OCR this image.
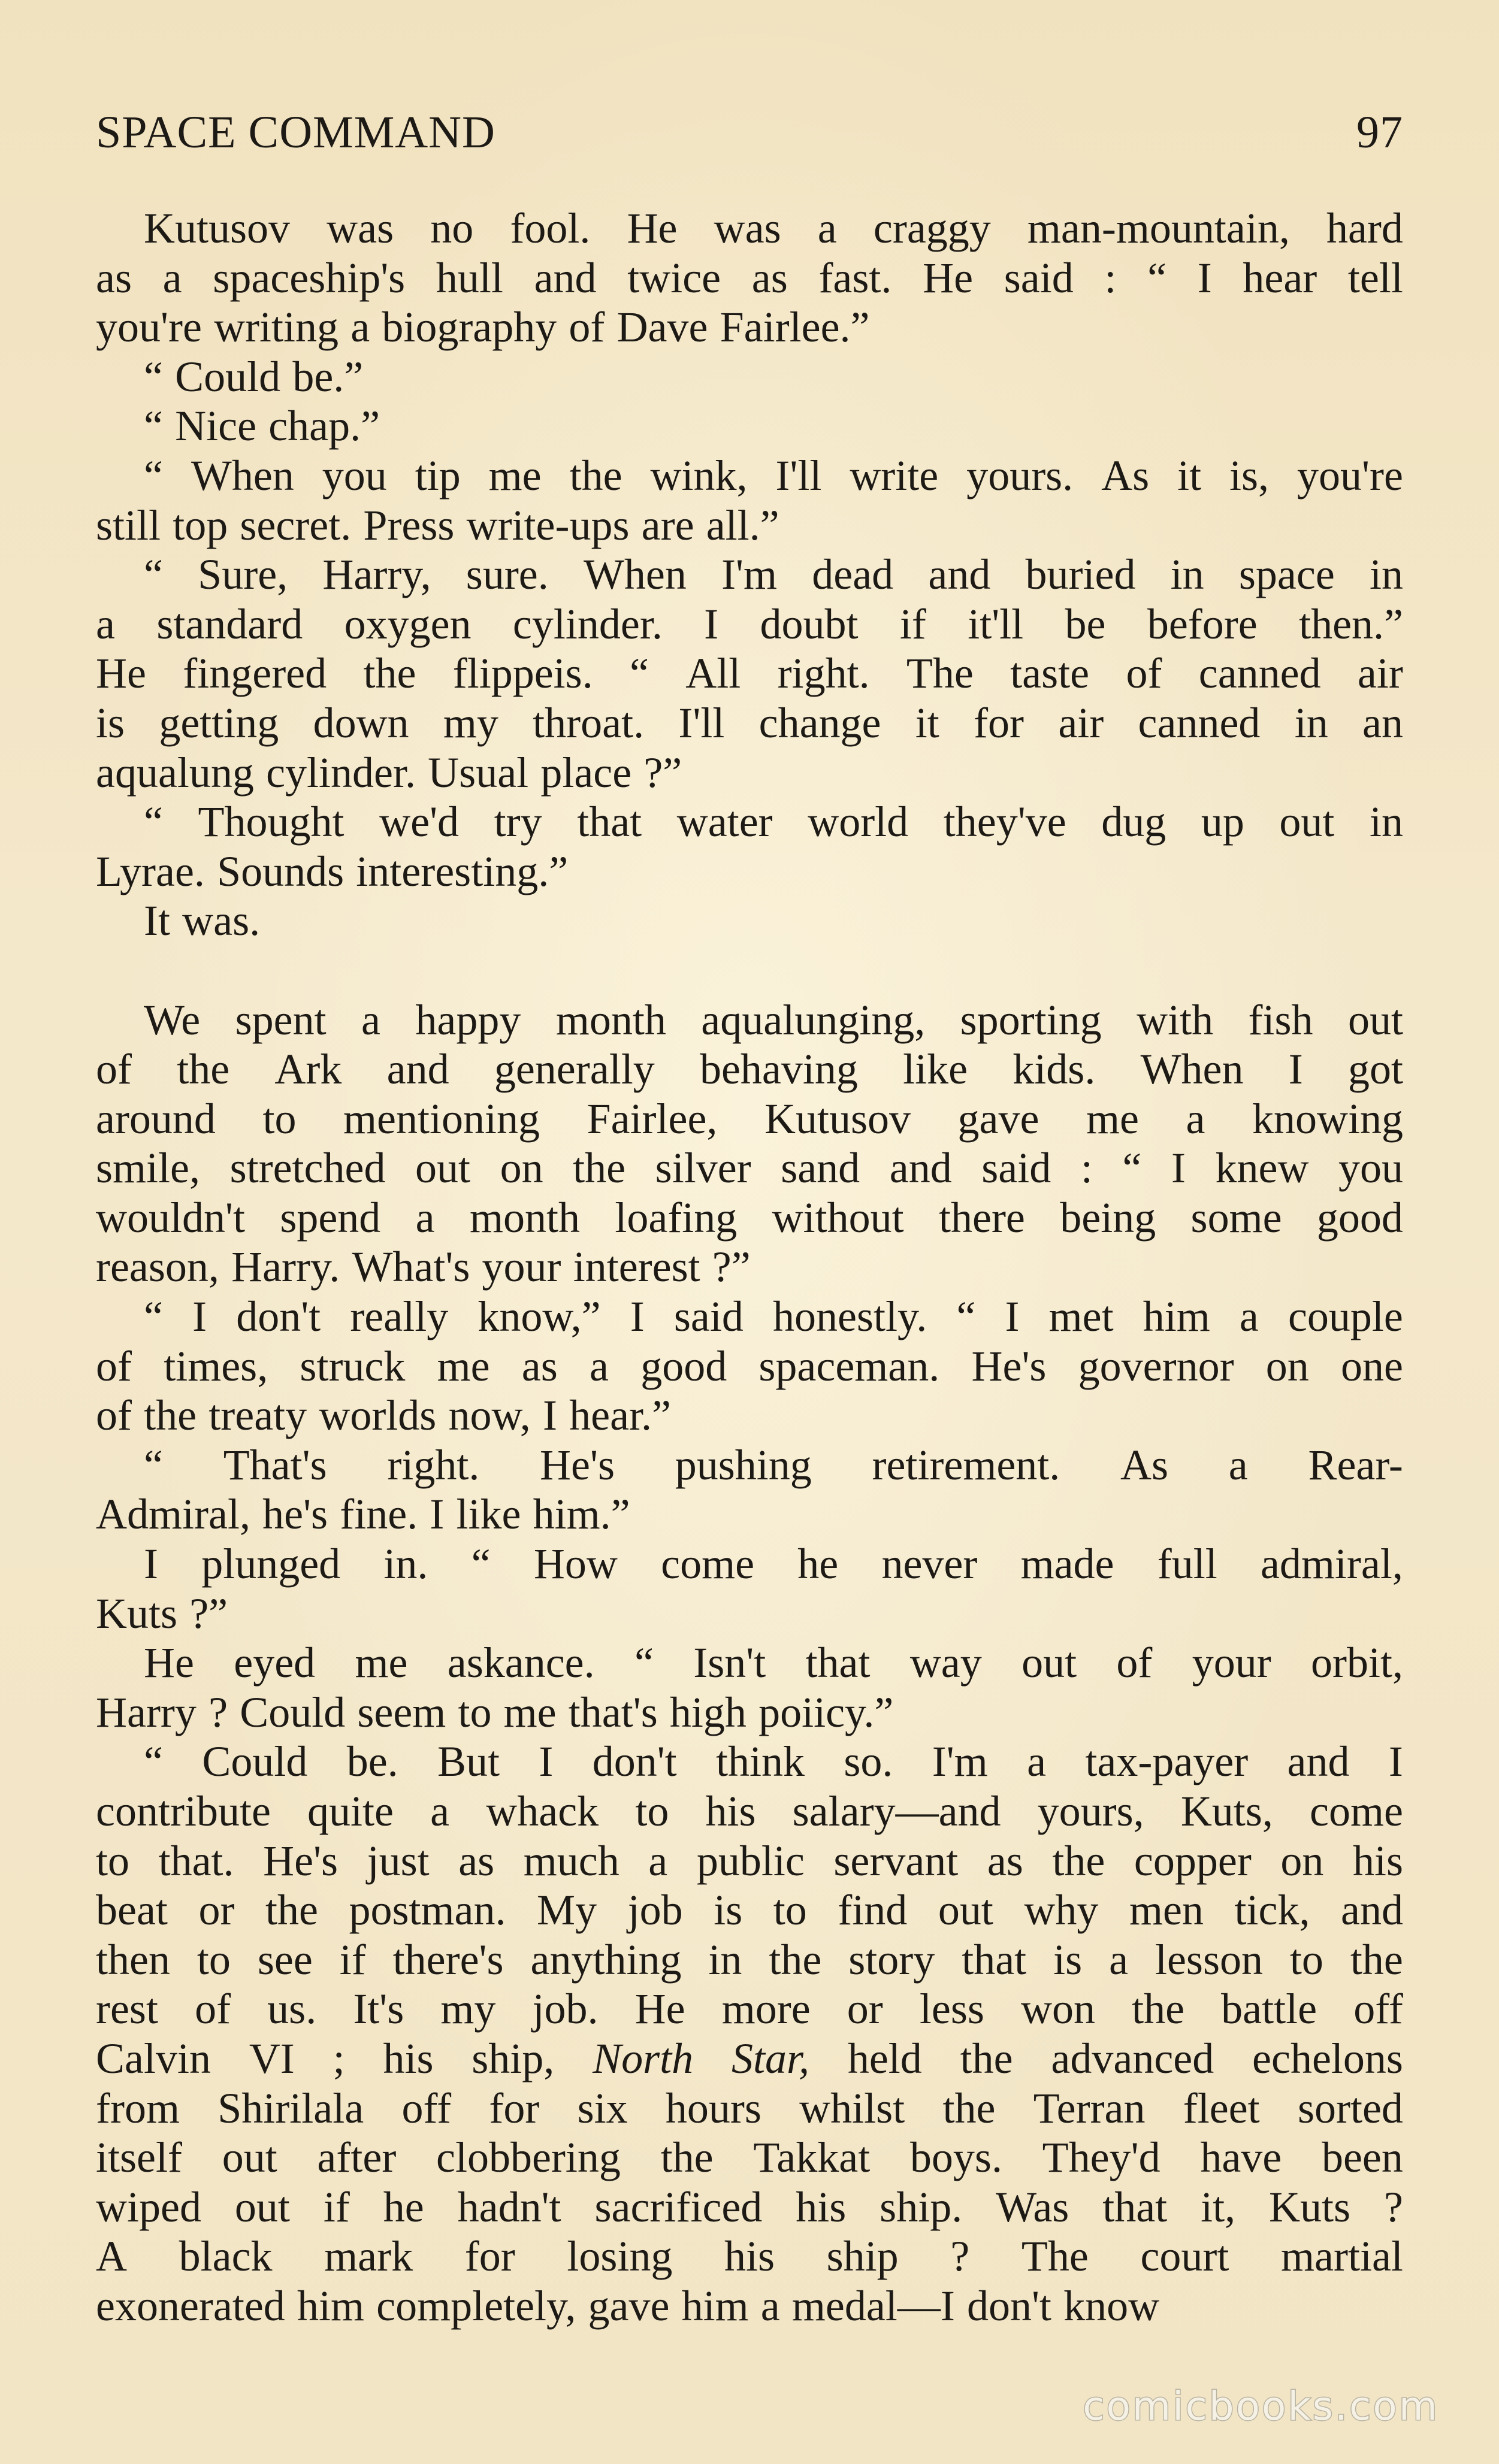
SPACE COMMAND	97
Kutusov was no fool. He was a craggy man-mountain, hard
as a spaceship's hull and twice as fast. He said : “ I hear tell
you're writing a biography of Dave Fairlee.”
“ Could be.”
“ Nice chap.”
“ When you tip me the wink, I'll write yours. As it is, you're
still top secret. Press write-ups are all.”
“ Sure, Harry, sure. When I'm dead and buried in space in
a standard oxygen cylinder. I doubt if it'll be before then.”
He fingered the flippeis. “ All right. The taste of canned air
is getting down my throat. I'll change it for air canned in an
aqualung cylinder. Usual place ?”
“ Thought we'd try that water world they've dug up out in
Lyrae. Sounds interesting.”
It was.
We spent a happy month aqualunging, sporting with fish out
of the Ark and generally behaving like kids. When I got
around to mentioning Fairlee, Kutusov gave me a knowing
smile, stretched out on the silver sand and said : “ I knew you
wouldn't spend a month loafing without there being some good
reason, Harry. What's your interest ?”
“ I don't really know,” I said honestly. “ I met him a couple
of times, struck me as a good spaceman. He's governor on one
of the treaty worlds now, I hear.”
“ That's right. He's pushing retirement. As a Rear-
Admiral, he's fine. I like him.”
I plunged in. “ How come he never made full admiral,
Kuts ?”
He eyed me askance. “ Isn't that way out of your orbit,
Harry ? Could seem to me that's high poiicy.”
“ Could be. But I don't think so. I'm a tax-payer and I
contribute quite a whack to his salary—and yours, Kuts, come
to that. He's just as much a public servant as the copper on his
beat or the postman. My job is to find out why men tick, and
then to see if there's anything in the story that is a lesson to the
rest of us. It's my job. He more or less won the battle off
Calvin VI ; his ship, North Star, held the advanced echelons
from Shirilala off for six hours whilst the Terran fleet sorted
itself out after clobbering the Takkat boys. They'd have been
wiped out if he hadn't sacrificed his ship. Was that it, Kuts ?
A black mark for losing his ship ? The court martial
exonerated him completely, gave him a medal—I don't know
comicbooks.com
